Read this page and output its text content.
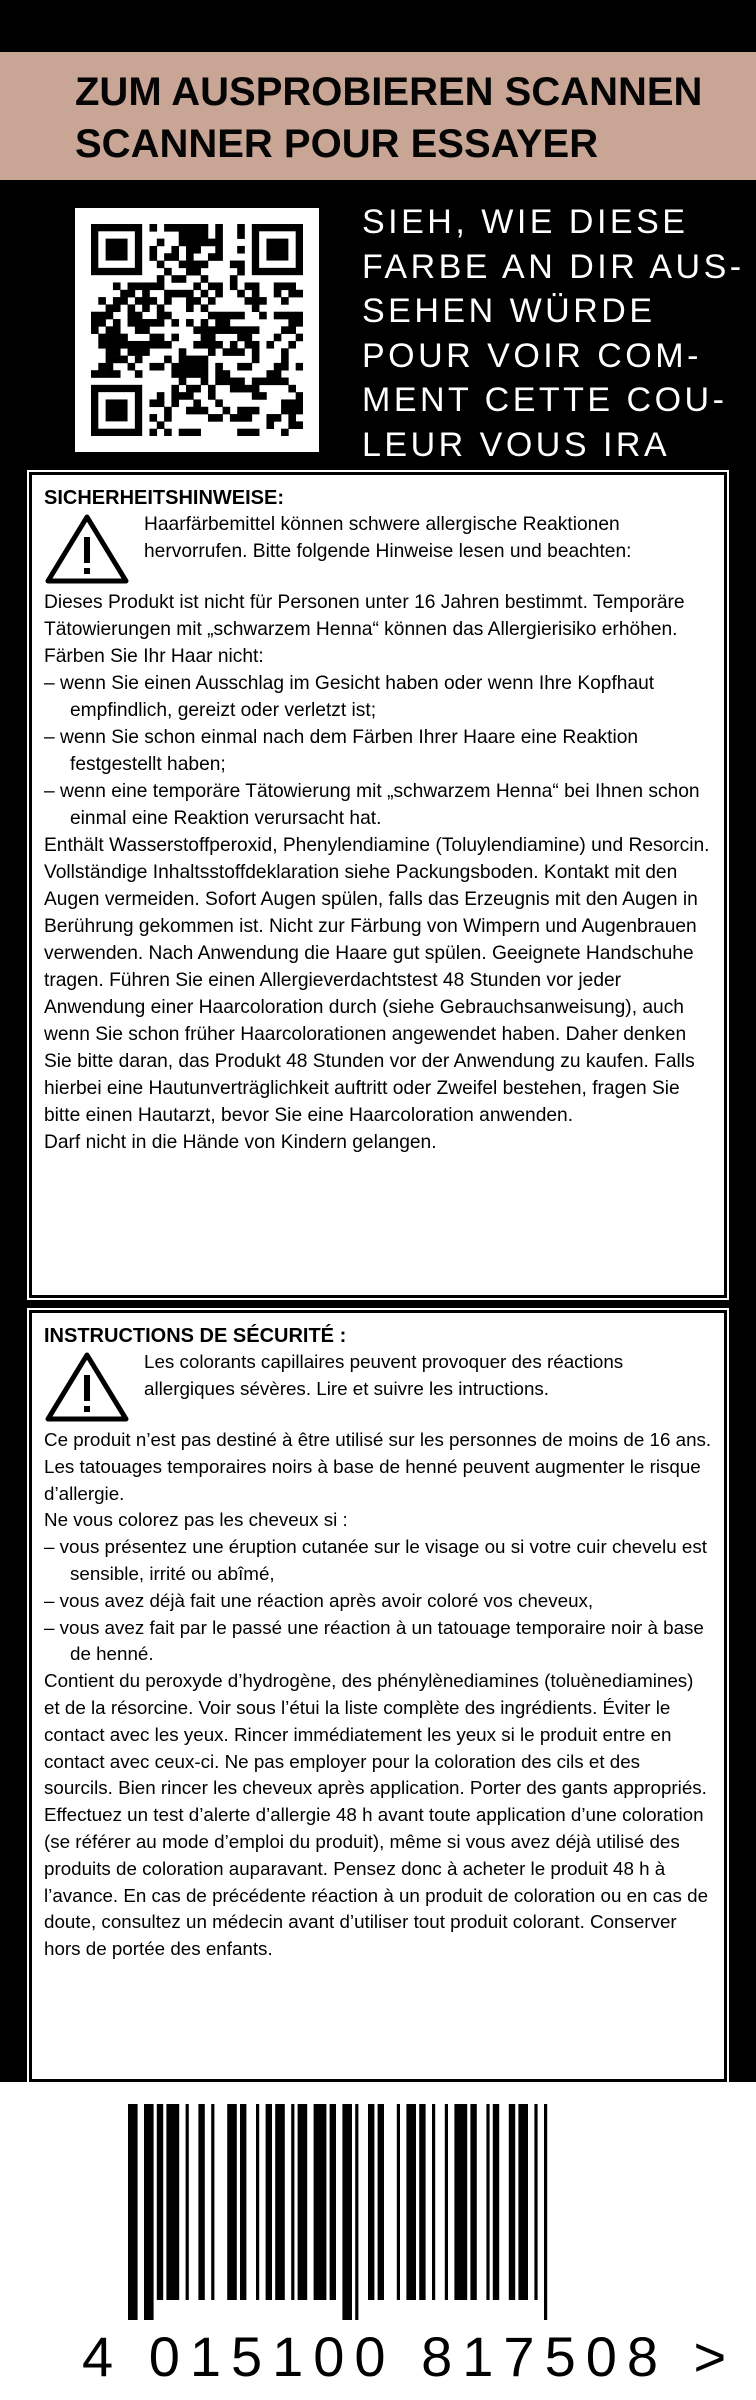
ZUM AUSPROBIEREN SCANNEN
SCANNER POUR ESSAYER
SIEH, WIE DIESE
FARBE AN DIR AUS-
SEHEN WÜRDE
POUR VOIR COM-
MENT CETTE COU-
LEUR VOUS IRA
SICHERHEITSHINWEISE:

Haarfärbemittel können schwere allergische Reaktionen hervorrufen. Bitte folgende Hinweise lesen und beachten:

Dieses Produkt ist nicht für Personen unter 16 Jahren bestimmt. Temporäre Tätowierungen mit „schwarzem Henna“ können das Allergierisiko erhöhen.

Färben Sie Ihr Haar nicht:

– wenn Sie einen Ausschlag im Gesicht haben oder wenn Ihre Kopfhaut empfindlich, gereizt oder verletzt ist;

– wenn Sie schon einmal nach dem Färben Ihrer Haare eine Reaktion festgestellt haben;

– wenn eine temporäre Tätowierung mit „schwarzem Henna“ bei Ihnen schon einmal eine Reaktion verursacht hat.

Enthält Wasserstoffperoxid, Phenylendiamine (Toluylendiamine) und Resorcin. Vollständige Inhaltsstoffdeklaration siehe Packungsboden. Kontakt mit den Augen vermeiden. Sofort Augen spülen, falls das Erzeugnis mit den Augen in Berührung gekommen ist. Nicht zur Färbung von Wimpern und Augenbrauen verwenden. Nach Anwendung die Haare gut spülen. Geeignete Handschuhe tragen. Führen Sie einen Allergieverdachtstest 48 Stunden vor jeder Anwendung einer Haarcoloration durch (siehe Gebrauchsanweisung), auch wenn Sie schon früher Haarcolorationen angewendet haben. Daher denken Sie bitte daran, das Produkt 48 Stunden vor der Anwendung zu kaufen. Falls hierbei eine Hautunverträglichkeit auftritt oder Zweifel bestehen, fragen Sie bitte einen Hautarzt, bevor Sie eine Haarcoloration anwenden.

Darf nicht in die Hände von Kindern gelangen.

INSTRUCTIONS DE SÉCURITÉ :

Les colorants capillaires peuvent provoquer des réactions allergiques sévères. Lire et suivre les intructions.

Ce produit n’est pas destiné à être utilisé sur les personnes de moins de 16 ans. Les tatouages temporaires noirs à base de henné peuvent augmenter le risque d’allergie.

Ne vous colorez pas les cheveux si :

– vous présentez une éruption cutanée sur le visage ou si votre cuir chevelu est sensible, irrité ou abîmé,

– vous avez déjà fait une réaction après avoir coloré vos cheveux,

– vous avez fait par le passé une réaction à un tatouage temporaire noir à base de henné.

Contient du peroxyde d’hydrogène, des phénylènediamines (toluènediamines) et de la résorcine. Voir sous l’étui la liste complète des ingrédients. Éviter le contact avec les yeux. Rincer immédiatement les yeux si le produit entre en contact avec ceux-ci. Ne pas employer pour la coloration des cils et des sourcils. Bien rincer les cheveux après application. Porter des gants appropriés. Effectuez un test d’alerte d’allergie 48 h avant toute application d’une coloration (se référer au mode d’emploi du produit), même si vous avez déjà utilisé des produits de coloration auparavant. Pensez donc à acheter le produit 48 h à l’avance. En cas de précédente réaction à un produit de coloration ou en cas de doute, consultez un médecin avant d’utiliser tout produit colorant. Conserver hors de portée des enfants.

4 015100 817508 >
